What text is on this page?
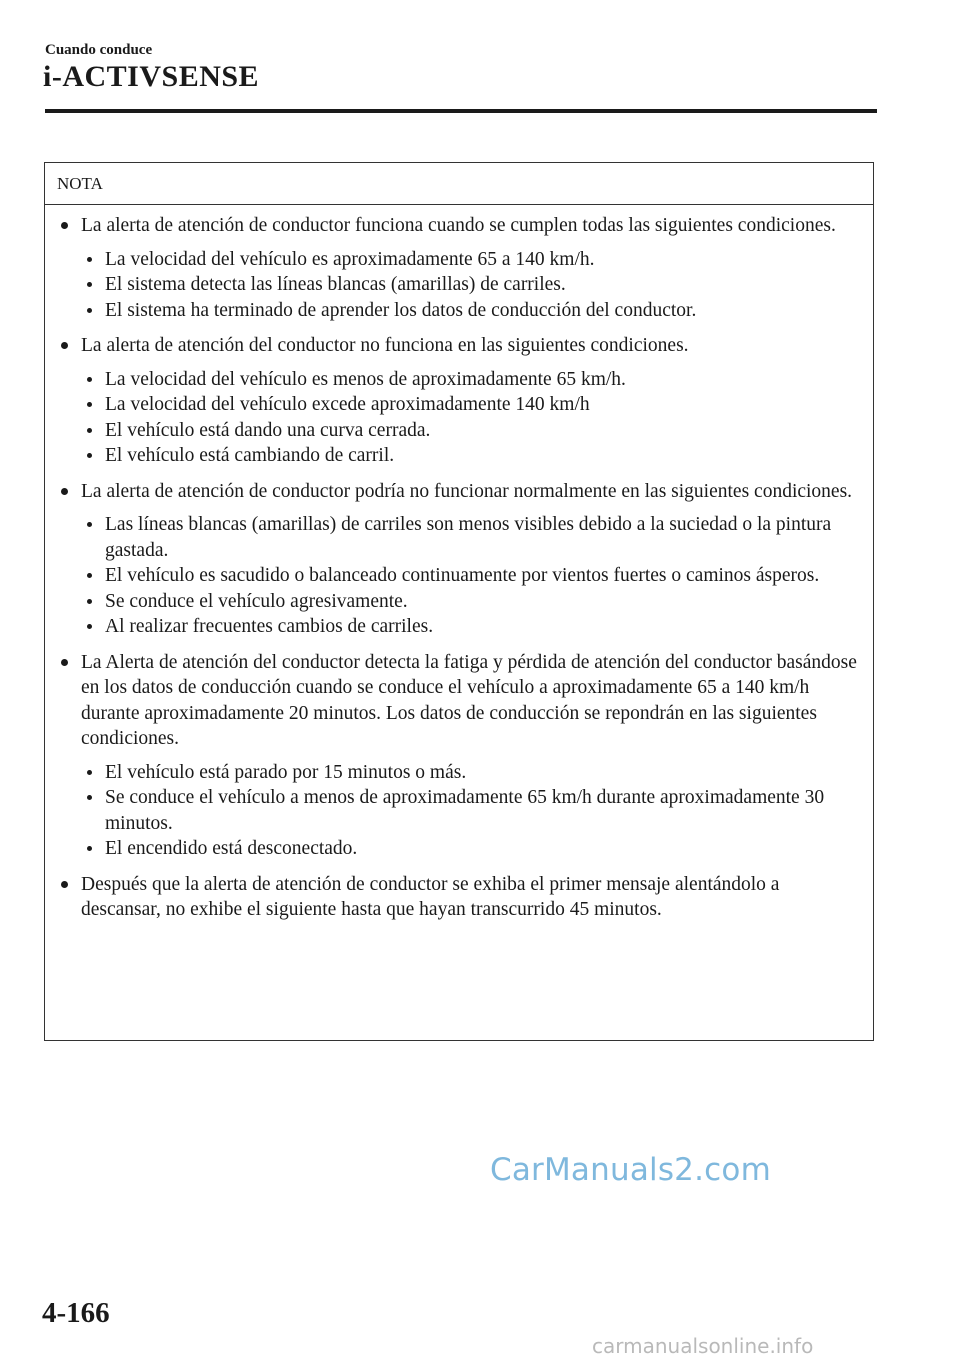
Cuando conduce
i-ACTIVSENSE
NOTA
La alerta de atención de conductor funciona cuando se cumplen todas las siguientes condiciones.
La velocidad del vehículo es aproximadamente 65 a 140 km/h.
El sistema detecta las líneas blancas (amarillas) de carriles.
El sistema ha terminado de aprender los datos de conducción del conductor.
La alerta de atención del conductor no funciona en las siguientes condiciones.
La velocidad del vehículo es menos de aproximadamente 65 km/h.
La velocidad del vehículo excede aproximadamente 140 km/h
El vehículo está dando una curva cerrada.
El vehículo está cambiando de carril.
La alerta de atención de conductor podría no funcionar normalmente en las siguientes condiciones.
Las líneas blancas (amarillas) de carriles son menos visibles debido a la suciedad o la pintura gastada.
El vehículo es sacudido o balanceado continuamente por vientos fuertes o caminos ásperos.
Se conduce el vehículo agresivamente.
Al realizar frecuentes cambios de carriles.
La Alerta de atención del conductor detecta la fatiga y pérdida de atención del conductor basándose en los datos de conducción cuando se conduce el vehículo a aproximadamente 65 a 140 km/h durante aproximadamente 20 minutos. Los datos de conducción se repondrán en las siguientes condiciones.
El vehículo está parado por 15 minutos o más.
Se conduce el vehículo a menos de aproximadamente 65 km/h durante aproximadamente 30 minutos.
El encendido está desconectado.
Después que la alerta de atención de conductor se exhiba el primer mensaje alentándolo a descansar, no exhibe el siguiente hasta que hayan transcurrido 45 minutos.
CarManuals2.com
4-166
carmanualsonline.info
